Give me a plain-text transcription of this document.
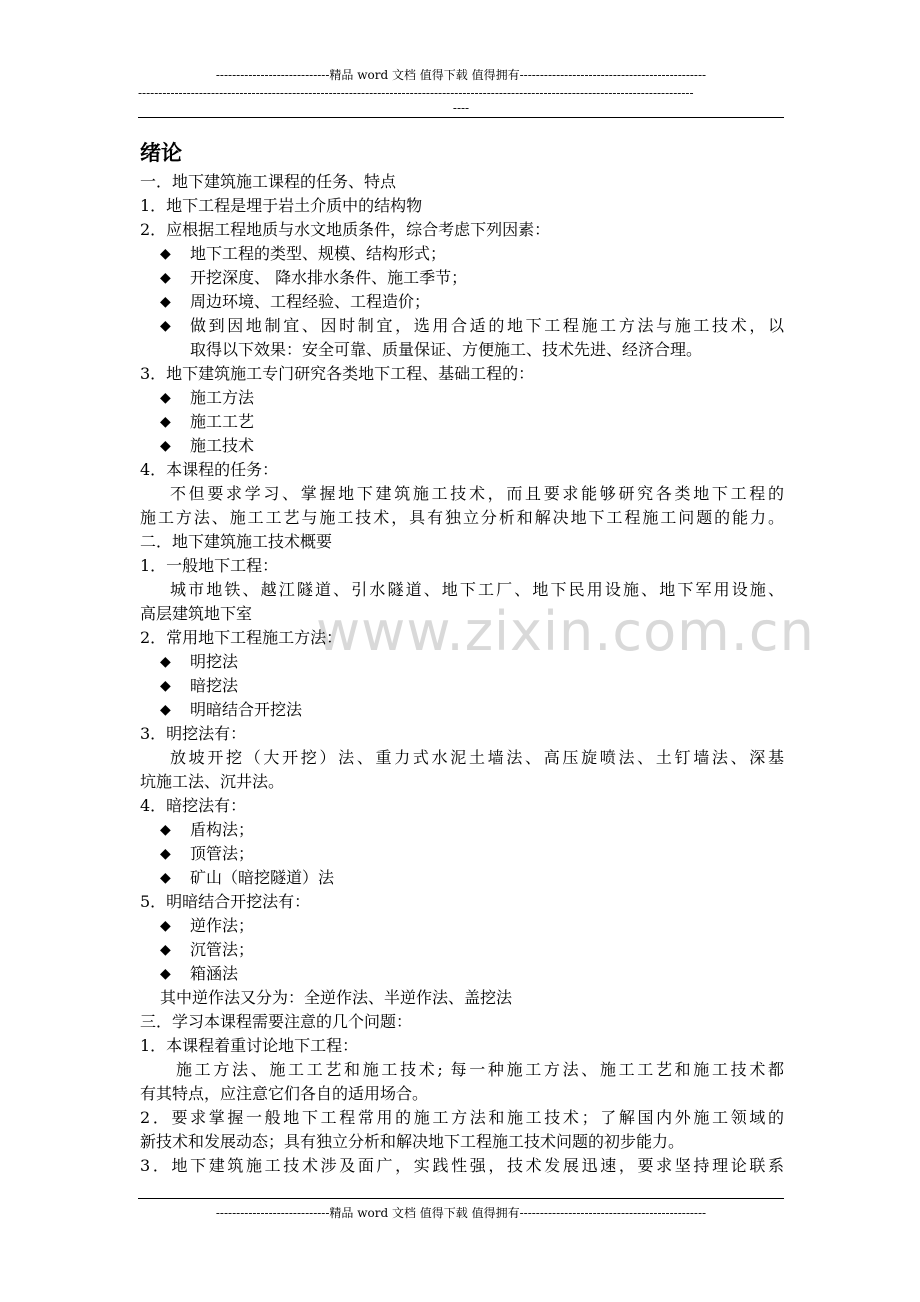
----------------------------精品 word 文档 值得下载 值得拥有----------------------------------------------
-----------------------------------------------------------------------------------------------------------------------------------------
----
www.zixin.com.cn
绪论
一．地下建筑施工课程的任务、特点
1．地下工程是埋于岩土介质中的结构物
2．应根据工程地质与水文地质条件，综合考虑下列因素：
◆ 地下工程的类型、规模、结构形式；
◆ 开挖深度、 降水排水条件、施工季节；
◆ 周边环境、工程经验、工程造价；
◆ 做到因地制宜、因时制宜，选用合适的地下工程施工方法与施工技术，以
取得以下效果：安全可靠、质量保证、方便施工、技术先进、经济合理。
3．地下建筑施工专门研究各类地下工程、基础工程的：
◆ 施工方法
◆ 施工工艺
◆ 施工技术
4．本课程的任务：
不但要求学习、掌握地下建筑施工技术，而且要求能够研究各类地下工程的
施工方法、施工工艺与施工技术，具有独立分析和解决地下工程施工问题的能力。
二．地下建筑施工技术概要
1．一般地下工程：
城市地铁、越江隧道、引水隧道、地下工厂、地下民用设施、地下军用设施、
高层建筑地下室
2．常用地下工程施工方法：
◆ 明挖法
◆ 暗挖法
◆ 明暗结合开挖法
3．明挖法有：
放坡开挖（大开挖）法、重力式水泥土墙法、高压旋喷法、土钉墙法、深基
坑施工法、沉井法。
4．暗挖法有：
◆ 盾构法；
◆ 顶管法；
◆ 矿山（暗挖隧道）法
5．明暗结合开挖法有：
◆ 逆作法；
◆ 沉管法；
◆ 箱涵法
其中逆作法又分为：全逆作法、半逆作法、盖挖法
三．学习本课程需要注意的几个问题：
1．本课程着重讨论地下工程：
施工方法、施工工艺和施工技术; 每一种施工方法、施工工艺和施工技术都
有其特点，应注意它们各自的适用场合。
2．要求掌握一般地下工程常用的施工方法和施工技术；了解国内外施工领域的
新技术和发展动态；具有独立分析和解决地下工程施工技术问题的初步能力。
3．地下建筑施工技术涉及面广，实践性强，技术发展迅速，要求坚持理论联系
----------------------------精品 word 文档 值得下载 值得拥有----------------------------------------------
